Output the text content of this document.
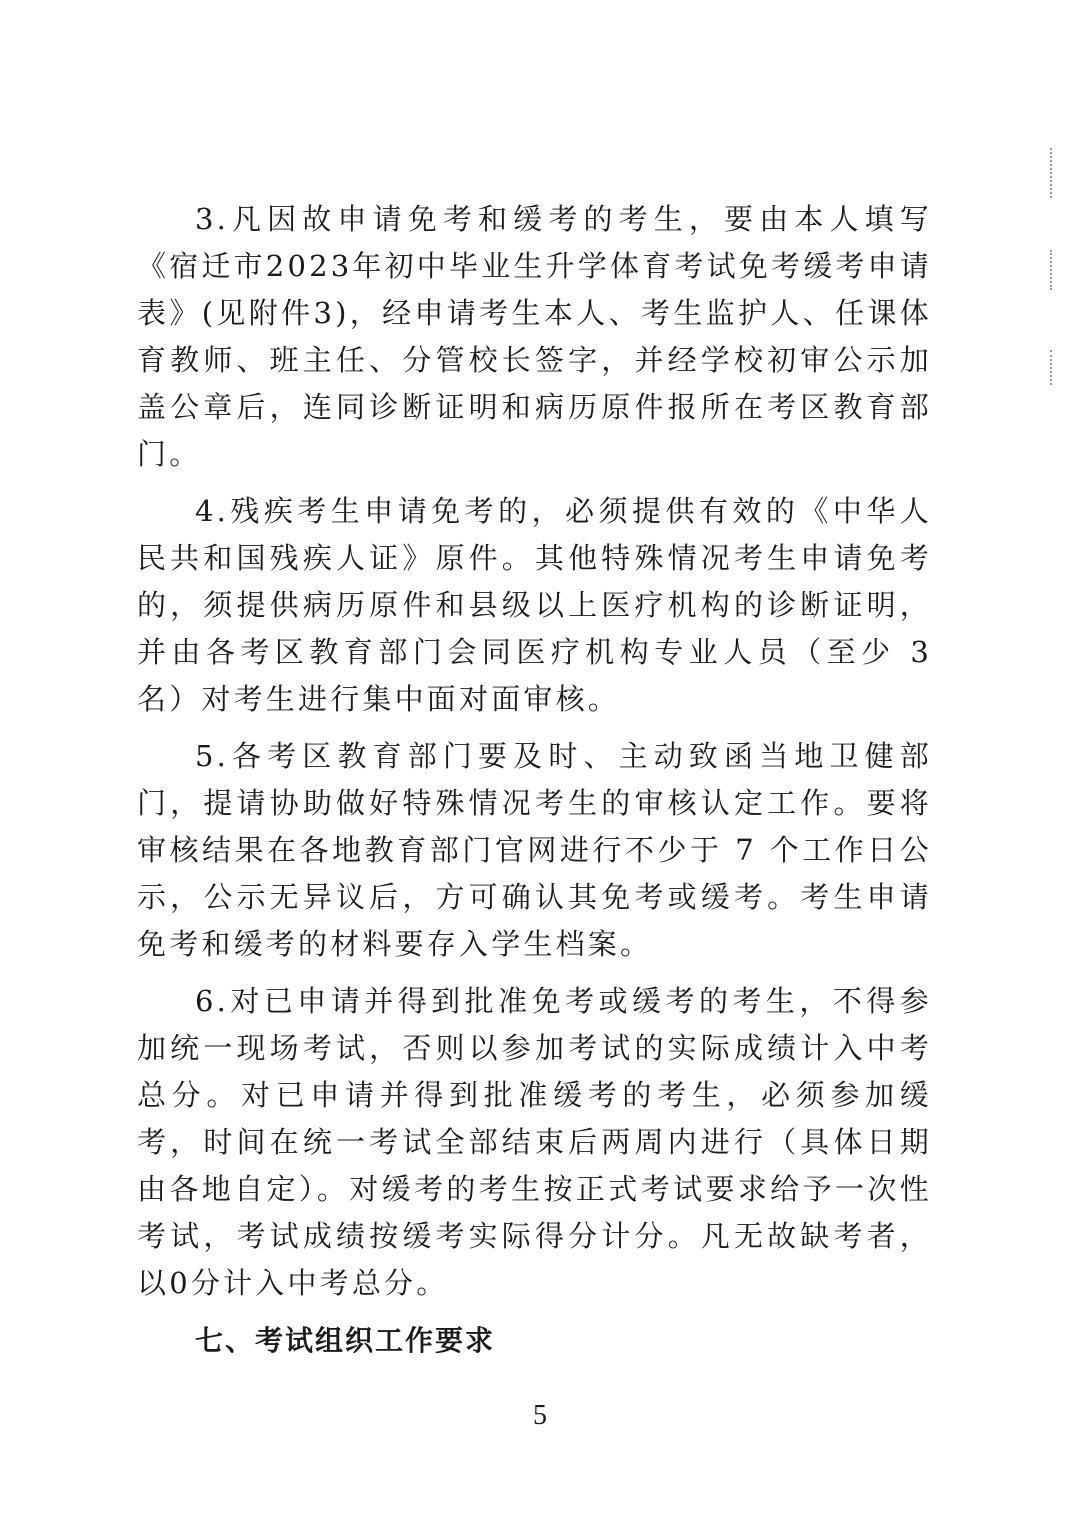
3.凡因故申请免考和缓考的考生，要由本人填写《宿迁市2023年初中毕业生升学体育考试免考缓考申请表》(见附件3)，经申请考生本人、考生监护人、任课体育教师、班主任、分管校长签字，并经学校初审公示加盖公章后，连同诊断证明和病历原件报所在考区教育部门。

4.残疾考生申请免考的，必须提供有效的《中华人民共和国残疾人证》原件。其他特殊情况考生申请免考的，须提供病历原件和县级以上医疗机构的诊断证明，并由各考区教育部门会同医疗机构专业人员（至少 3 名）对考生进行集中面对面审核。

5.各考区教育部门要及时、主动致函当地卫健部门，提请协助做好特殊情况考生的审核认定工作。要将审核结果在各地教育部门官网进行不少于 7 个工作日公示，公示无异议后，方可确认其免考或缓考。考生申请免考和缓考的材料要存入学生档案。

6.对已申请并得到批准免考或缓考的考生，不得参加统一现场考试，否则以参加考试的实际成绩计入中考总分。对已申请并得到批准缓考的考生，必须参加缓考，时间在统一考试全部结束后两周内进行（具体日期由各地自定）。对缓考的考生按正式考试要求给予一次性考试，考试成绩按缓考实际得分计分。凡无故缺考者，以0分计入中考总分。

七、考试组织工作要求
5
